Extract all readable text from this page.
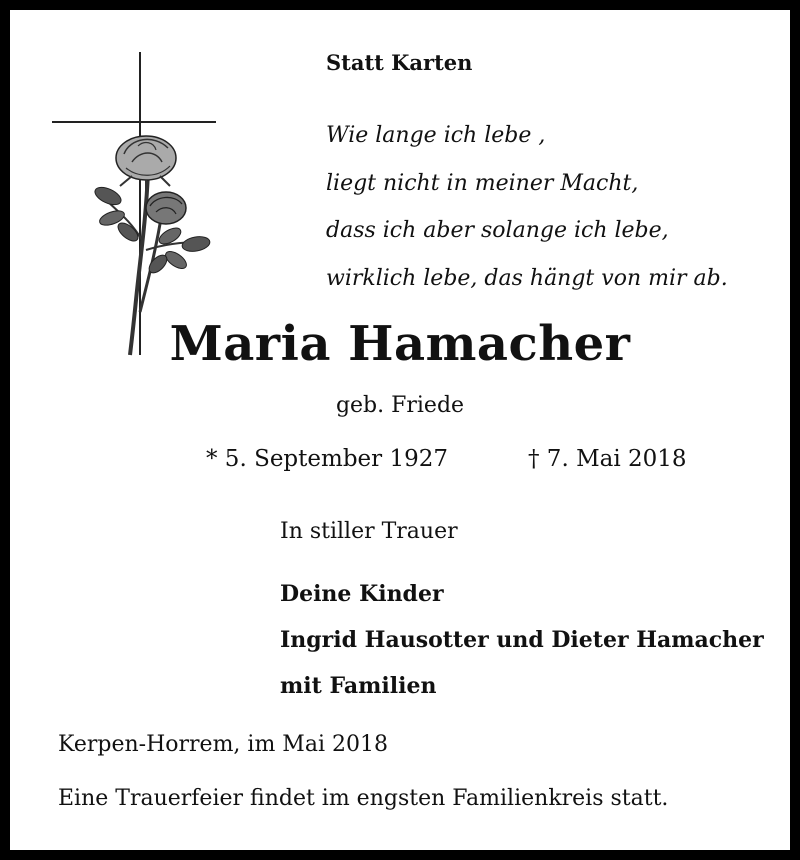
Statt Karten

Wie lange ich lebe ,
liegt nicht in meiner Macht,
dass ich aber solange ich lebe,
wirklich lebe, das hängt von mir ab.

Maria Hamacher

geb. Friede

* 5. September 1927	† 7. Mai 2018

In stiller Trauer

Deine Kinder
Ingrid Hausotter und Dieter Hamacher
mit Familien

Kerpen-Horrem, im Mai 2018

Eine Trauerfeier findet im engsten Familienkreis statt.
